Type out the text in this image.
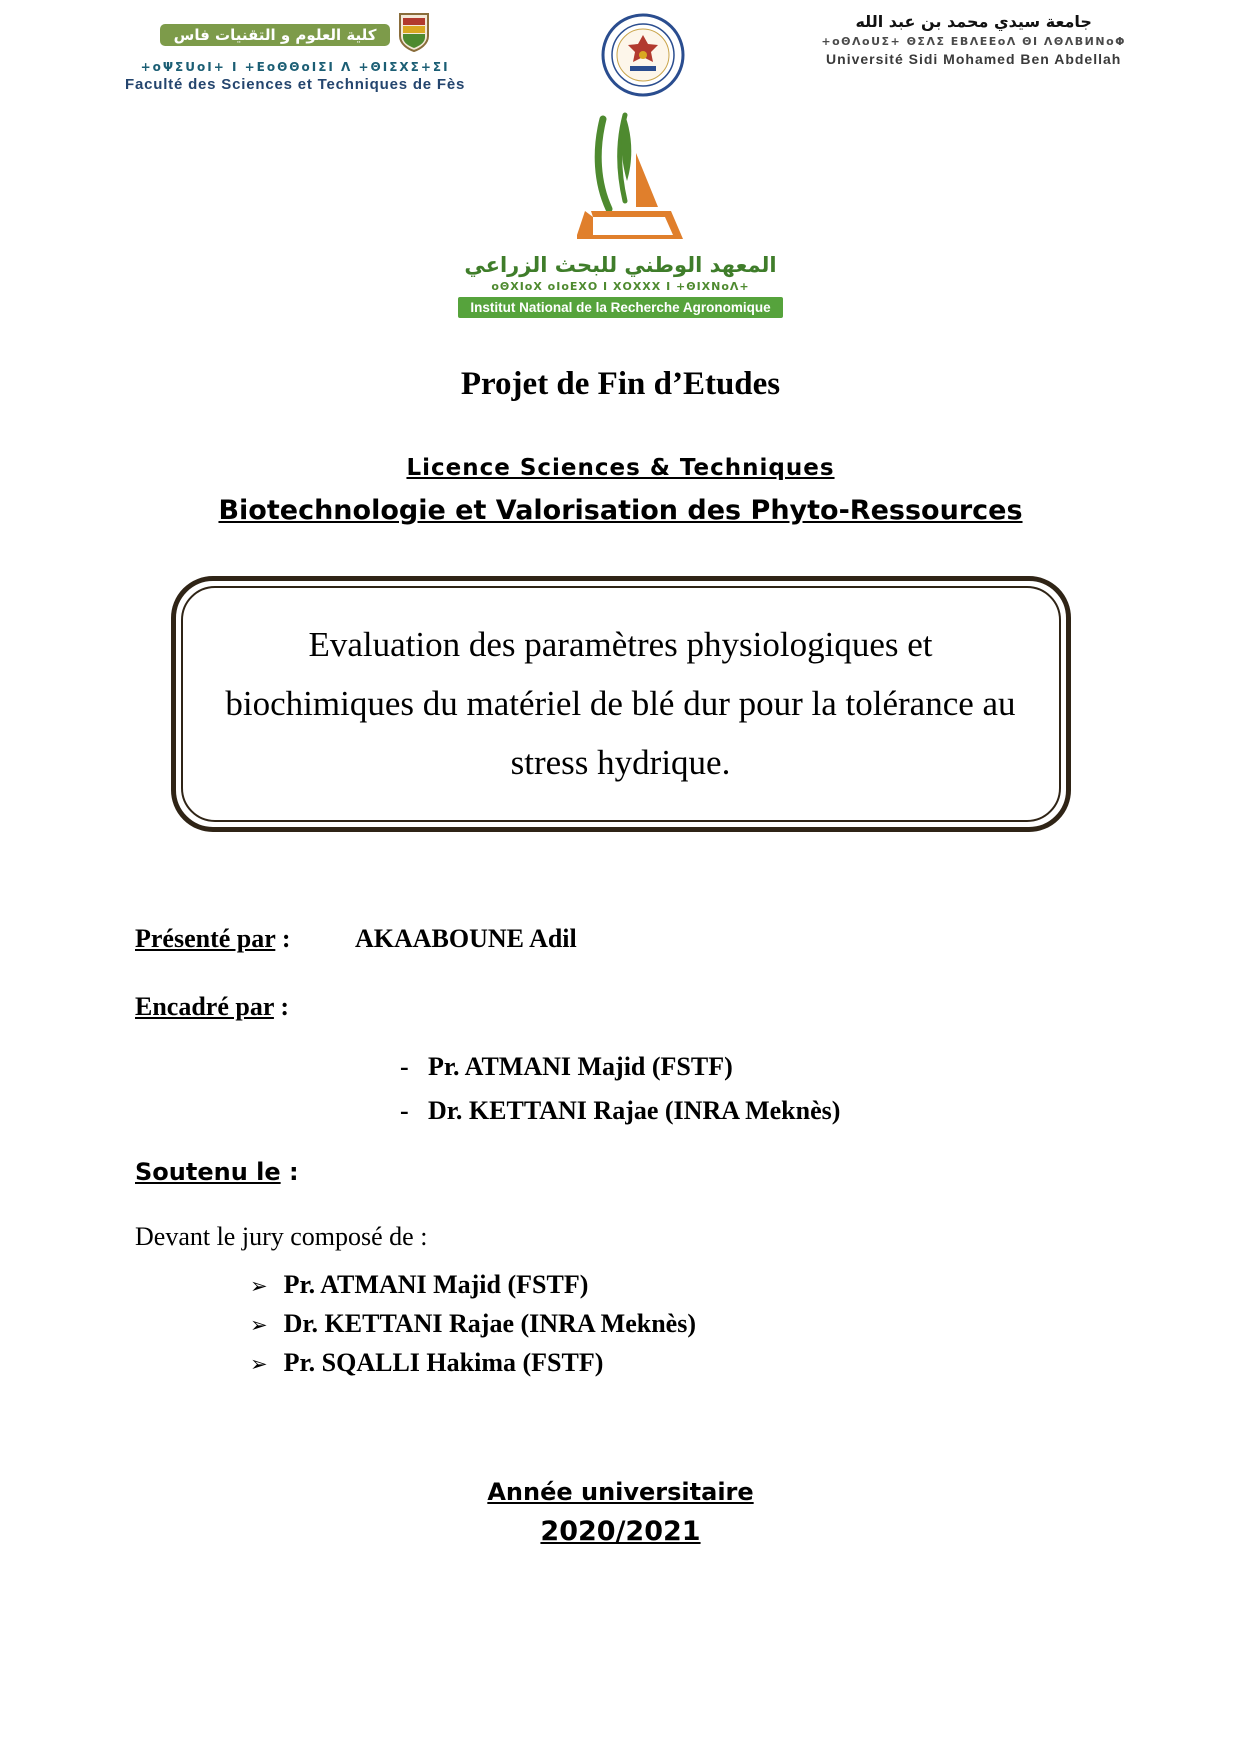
كلية العلوم و التقنيات فاس
+oΨΣUoI+ I +ΕoΘΘoIΣI Λ +ΘΙΣΧΣ+ΣI
Faculté des Sciences et Techniques de Fès
جامعة سيدي محمد بن عبد الله
+oΘΛoUΣ+ ΘΣΛΣ ΕΒΛΕΕoΛ ΘΙ ΛΘΛΒИΝoΦ
Université Sidi Mohamed Ben Abdellah
المعهد الوطني للبحث الزراعي
oΘΧIoΧ oIoΕΧΟ Ι ΧΟΧΧΧ Ι +ΘΙΧΝoΛ+
Institut National de la Recherche Agronomique
Projet de Fin d’Etudes
Licence Sciences & Techniques
Biotechnologie et Valorisation des Phyto-Ressources
Evaluation des paramètres physiologiques et biochimiques du matériel de blé dur pour la tolérance au stress hydrique.
Présenté par : AKAABOUNE Adil
Encadré par :
- Pr. ATMANI Majid (FSTF)
- Dr. KETTANI Rajae (INRA Meknès)
Soutenu le :
Devant le jury composé de :
➢ Pr. ATMANI Majid (FSTF)
➢ Dr. KETTANI Rajae (INRA Meknès)
➢ Pr. SQALLI Hakima (FSTF)
Année universitaire
2020/2021
